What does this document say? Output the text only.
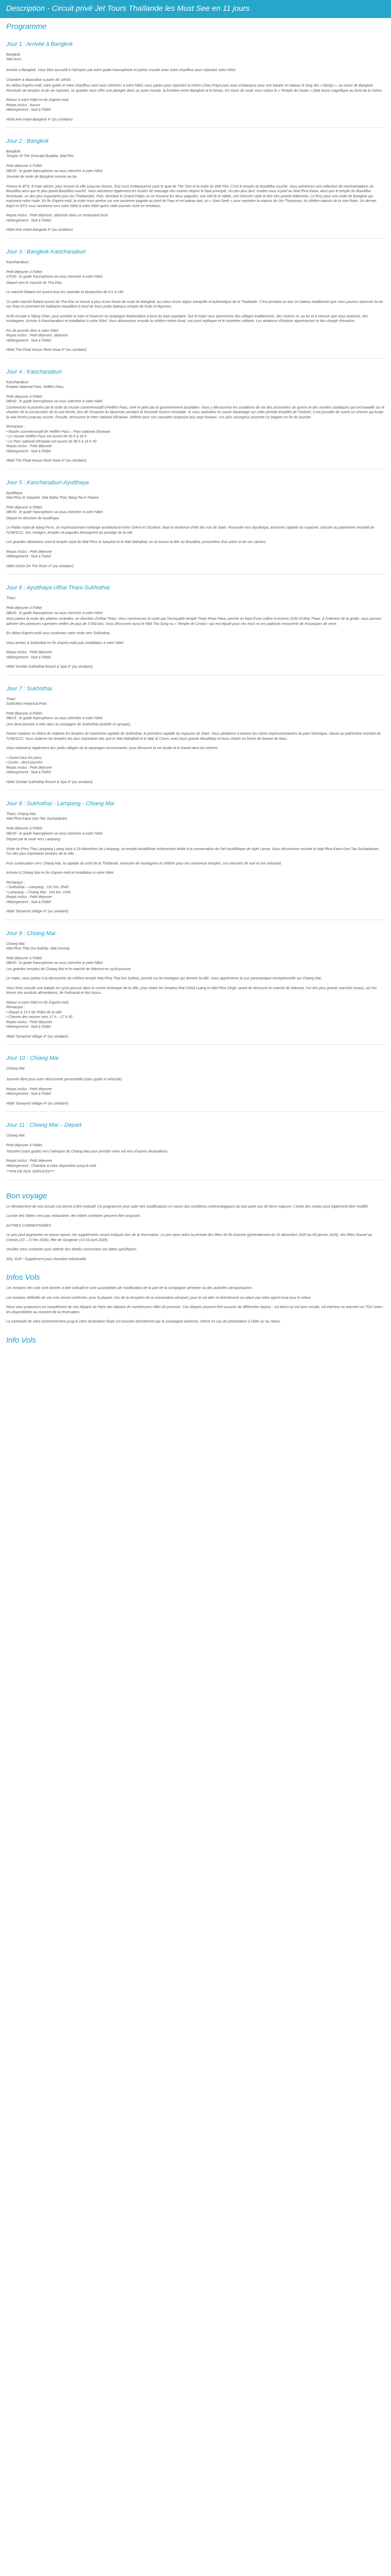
Description - Circuit privé Jet Tours Thaïlande les Must See en 11 jours
Programme
Jour 1 : Arrivée à Bangkok
Bangkok
Wat Arun.
Arrivée à Bangkok. Vous êtes accueilli à l'aéroport par votre guide francophone et partez ensuite avec votre chauffeur pour rejoindre votre hôtel.
Chambre à disposition à partir de 14h00.
En début d'après-midi, votre guide et votre chauffeur vont vous chercher à votre hôtel, vous partez pour rejoindre la rivière Chao Praya puis vous embarquez pour une balade en bateau le long des « klongs », au coeur de Bangkok. Ponctuée de temples et de vie rupestre, ce quartier vous offre une plongée dans un autre monde, la frontière entre Bangkok et le temps. En cours de route vous visitez le « Temple de l'Aube » (Wat Arun) magnifique au bord de la rivière.
Retour à votre hôtel en fin d'après-midi.
Repas inclus : Aucun
Hébergement : Nuit à l'hôtel
Hôtel Arte Hotel Bangkok 4* (ou similaire)
Jour 2 : Bangkok
Bangkok.
Temple Of The Emerald Buddha, Wat Pho.
Petit déjeuner à l'hôtel.
08h30 : le guide francophone va vous chercher à votre hôtel.
Journée de visite de Bangkok comme au tra.
Prenez le BTS, le train aérien, pour trouver la ville jusqu'au Doune, d'où vous embarquerez pour le quai de The Tien et la visite du Wat Pho. C'est le temple du Bouddha couché. Vous admirerez une collection de représentations du Bouddha ainsi que le plus grand Bouddha couché. Vous admirerez également les écoles de massage des moines depuis le haut principal. Un peu plus tard, rendez-vous à pied au Wat Phra Kaew, ainsi que le temple du Bouddha émeraude, un des plus importants pour les Thaïlandais. Puis, direction le Grand Palais où se trouvent les deux pagodes, une cité-là et valide, une d'ancien style et des très grands bâtiments. Le ferry pour une visite de Bangkok qui explorera notre route. En fin d'après-midi, la visite vous amène sur une ancienne pagode au bord de l'eau et en bateau taxi, on « Sam Seeb » pour rejoindre la maison de Jim Thompson, la célèbre maison de la soie thaïe. Un dernier trajet en BTS vous ramènera vers votre hôtel à votre hôtel après cette journée riche en émotions.
Repas inclus : Petit déjeuner, déjeuner dans un restaurant local
Hébergement : Nuit à l'hôtel
Hôtel Arte Hotel Bangkok 4* (ou similaire)
Jour 3 : Bangkok-Kanchanaburi
Kanchanaburi.
Petit déjeuner à l'hôtel.
07h30 : le guide francophone va vous chercher à votre hôtel.
Départ vers le marché de Tha Kha.
Le marché flottant est ouvert tous les samedis et dimanches de 6 h à 14h.
Ce petit marché flottant ouvert de Tha Kha se trouve à plus d'une heure de route de Bangkok, au coeur d'une région tranquille et authentique de la Thaïlande. C'est pendant un tour en bateau traditionnel que vous pourrez observer la vie sur l'eau et comment les habitants travaillent à bord de leurs petits bateaux remplis de fruits et légumes.
Arrêt ensuite à Taling Chan, pour prendre le train et traverser la campagne thaïlandaise à bord du train populaire. Sur le trajet vous apercevrez des villages traditionnels, des rizières et, au fur et à mesure que vous avancez, des montagnes. Arrivée à Kanchanaburi et installation à votre hôtel. Vous découvrirez ensuite la célèbre rivière Kwaï, son pont mythique et le cimetière militaire. Les amateurs d'histoire apprécieront ce lieu chargé d'émotion.
Fin de journée libre à votre hôtel.
Repas inclus : Petit déjeuner, déjeuner
Hébergement : Nuit à l'hôtel
Hôtel The Float House River Kwai 4* (ou similaire)
Jour 4 : Kanchanaburi
Kanchanaburi
Erawan National Park, Hellfire Pass.
Petit déjeuner à l'hôtel.
08h30 : le guide francophone va vous chercher à votre hôtel.
Commencez la journée par la visite du musée commémoratif d'Hellfire Pass, créé et géré par le gouvernement australien. Vous y découvrirez les conditions de vie des prisonniers de guerre et des ouvriers asiatiques qui ont travaillé sur le chantier de la construction de la voie ferrée, lors de l'invasion du Myanmar pendant la Seconde Guerre mondiale. Si vous souhaitez en savoir davantage sur cette période troublée de l'histoire, il est possible de suivre un chemin qui longe la voie ferrée jusqu'au musée. Ensuite, découvrez le Parc national d'Erawan, célèbre pour ses cascades turquoise aux sept niveaux. Les plus courageux pourront s'y baigner en fin de journée.
Remarque :
• Musée commémoratif de Hellfire Pass – Parc national d'Erawan
• Le musée Hellfire Pass est ouvert de 09 h à 16 h
• Le Parc national d'Erawan est ouvert de 08 h à 16 h 30
Repas inclus : Petit déjeuner
Hébergement : Nuit à l'hôtel
Hôtel The Float House River Kwai 4* (ou similaire)
Jour 5 : Kanchanaburi-Ayutthaya
Ayutthaya.
Wat Phra Si Sanphet, Wat Maha That, Bang Pa-In Palace.
Petit déjeuner à l'hôtel.
08h30 : le guide francophone va vous chercher à votre hôtel.
Départ en direction de Ayutthaya.
Le Palais royal de Bang Pa-In, un impressionnant mélange architectural entre Orient et Occident, était la résidence d'été des rois de Siam. Poursuite vers Ayutthaya, ancienne capitale du royaume, classée au patrimoine mondial de l'UNESCO. Ses vestiges, temples et pagodes témoignent du prestige de la cité.
Les grandes attractions sont le temple royal de Wat Phra Si Sanphet et le Wat Mahathat, où se trouve la tête du Bouddha, prisonnière d'un arbre et de ses racines.
Repas inclus : Petit déjeuner
Hébergement : Nuit à l'hôtel
Hôtel iUDIA On The River 4* (ou similaire)
Jour 6 : Ayutthaya-Uthai Thani-Sukhothai
Thani.
Petit déjeuner à l'hôtel.
08h00 : le guide francophone va vous chercher à votre hôtel.
Vous partez la route des plaines centrales, en direction d'Uthai Thani. Vous commencez la visite par l'incroyable temple Tham Khao Plara, perché en haut d'une colline à environ 1h30 d'Uthai Thani. À l'intérieur de la grotte, vous pouvez admirer des peintures rupestres vieilles de plus de 3 000 ans. Vous découvrez aussi le Wat Tha Sung ou « Temple de Cristal » qui est réputé pour ses murs et ses plafonds recouverts de mosaïques de verre.
En début d'après-midi vous continuez votre route vers Sukhothai.
Vous arrivez à Sukhothai en fin d'après-midi puis installation à votre hôtel.
Repas inclus : Petit déjeuner
Hébergement : Nuit à l'hôtel
Hôtel Sriwilai Sukhothai Resort & Spa 4* (ou similaire)
Jour 7 : Sukhothai
Thani
Sukhothai Historical Park.
Petit déjeuner à l'hôtel.
08h15 : le guide francophone va vous chercher à votre hôtel.
Une demi-journée à vélo dans la campagne de Sukhothai (activité en groupe).
Partez explorer en début de matinée les temples de l'ancienne capitale de Sukhothai, la première capitale du royaume de Siam. Vous pédalerez à travers les ruines impressionnantes du parc historique, classé au patrimoine mondial de l'UNESCO. Vous visiterez les temples les plus importants tels que le Wat Mahathat et le Wat Si Chum, avec leurs grands Bouddhas et leurs chedis en forme de bouton de lotus.
Vous rejoindrez également des petits villages de la campagne environnante, pour découvrir la vie locale et le travail dans les rizières.
• Ouvert tous les jours
• Durée : demi-journée
Repas inclus : Petit déjeuner
Hébergement : Nuit à l'hôtel
Hôtel Sriwilai Sukhothai Resort & Spa 4* (ou similaire)
Jour 8 : Sukhothai - Lampang - Chiang Mai
Thani, Chiang Mai.
Wat Phra Kaew Don Tao Suchadaram
Petit déjeuner à l'hôtel.
08h30 : le guide francophone va vous chercher à votre hôtel.
Départ par la route vers Lampang.
Visite de Phra That Lampang Luang situé à 20 kilomètres de Lampang, un temple bouddhiste entièrement dédié à la conservation de l'art bouddhique de style Lanna. Vous découvrirez ensuite le Wat Phra Kaew Don Tao Suchadaram, l'un des plus importants temples de la ville.
Puis continuation vers Chiang Mai, la capitale du nord de la Thaïlande, entourée de montagnes et célèbre pour ses nombreux temples, ses marchés de nuit et son artisanat.
Arrivée à Chiang Mai en fin d'après-midi et installation à votre hôtel.
Remarque :
• Sukhothai – Lampang : 191 km, 2h45
• Lampang – Chiang Mai : 104 km, 1h45
Repas inclus : Petit déjeuner
Hébergement : Nuit à l'hôtel
Hôtel Tamarind Village 4* (ou similaire)
Jour 9 : Chiang Mai
Chiang Mai.
Wat Phra That Doi Suthep, Wat Umong.
Petit déjeuner à l'hôtel.
08h30 : le guide francophone va vous chercher à votre hôtel.
Les grandes temples de Chiang Mai et le marché de Warorot en cyclo-pousse.
Le matin, vous partez à la découverte du célèbre temple Wat Phra That Doi Suthep, perché sur la montagne qui domine la ville. Vous apprécierez la vue panoramique exceptionnelle sur Chiang Mai.
Vous ferez ensuite une balade en cyclo-pousse dans le centre historique de la ville, pour visiter les temples Wat Chedi Luang et Wat Phra Singh, avant de découvrir le marché de Warorot, l'un des plus grands marchés locaux, où l'on trouve des produits alimentaires, de l'artisanat et des tissus.
Retour à votre hôtel en fin d'après-midi.
Remarque :
• Départ à 15 h de l'hôtel de la ville
• Chemin des moines vers 17 h – 17 h 30
Repas inclus : Petit déjeuner
Hébergement : Nuit à l'hôtel
Hôtel Tamarind Village 4* (ou similaire)
Jour 10 : Chiang Mai
Chiang Mai.
Journée libre pour votre découverte personnelle (sans guide ni véhicule).
Repas inclus : Petit déjeuner
Hébergement : Nuit à l'hôtel
Hôtel Tamarind Village 4* (ou similaire)
Jour 11 : Chiang Mai – Départ
Chiang Mai.
Petit déjeuner à l'hôtel.
Transfert (sans guide) vers l'aéroport de Chiang Mai pour prendre votre vol vers d'autres destinations.
Repas inclus : Petit déjeuner
Hébergement : Chambre à votre disposition jusqu'à midi.
***FIN DE NOS SERVICES***
Bon voyage
Le déroulement de nos circuits est donné à titre indicatif. Ce programme peut subir des modifications en raison des conditions météorologiques ou tout autre cas de force majeure. L'ordre des visites peut également être modifié.
La liste des hôtels n'est pas exhaustive, des hôtels similaires peuvent être proposés.
AUTRES COMMENTAIRES
Le prix peut augmenter en basse saison, les suppléments seront indiqués lors de la réservation. Le prix varie selon la période des fêtes de fin d'année (généralement du 20 décembre 2025 au 05 janvier 2026), des fêtes Nouvel an Chinois (13 – 17 fév 2026), fête de Songkran (13-16 Avril 2026).
Veuillez nous contacter pour obtenir des détails concernant ces dates spécifiques.
SGL SUP : Supplément pour chambre individuelle
Infos Vols
Les horaires des vols sont donnés à titre indicatif et sont susceptibles de modification de la part de la compagnie aérienne ou des autorités aéroportuaires.
Les horaires définitifs de vos vols seront confirmés, pour la plupart, lors de la réception de la convocation aéroport, pour le vol aller et directement sur place par notre agent local pour le retour.
Nous vous proposons en complément de nos départs de Paris des départs de nombreuses villes de province. Ces départs peuvent être assurés de différentes façons : vol direct ou vol avec escale, vol intérieur ou transfert en TGV selon les disponibilités au moment de la réservation.
La continuité de votre acheminement jusqu'à votre destination finale est assurée directement par la compagnie aérienne, même en cas de perturbation à l'aller ou au retour.
Info Vols
